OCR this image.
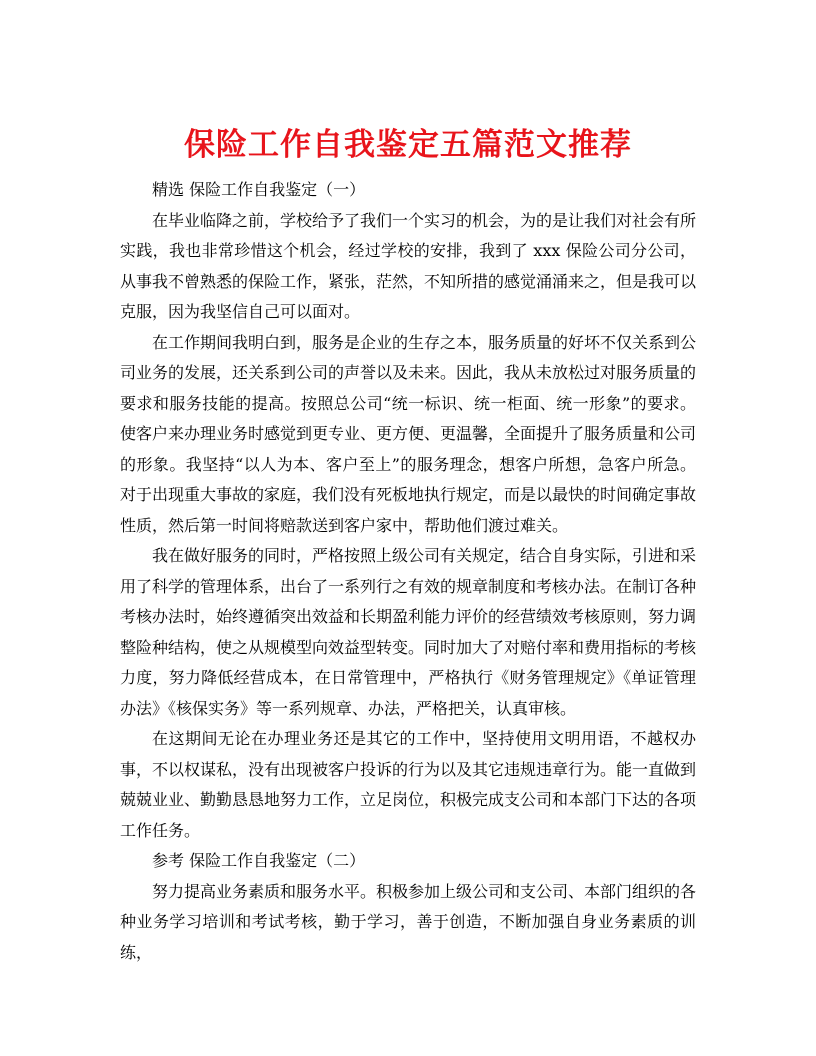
保险工作自我鉴定五篇范文推荐

精选 保险工作自我鉴定（一）

在毕业临降之前，学校给予了我们一个实习的机会，为的是让我们对社会有所实践，我也非常珍惜这个机会，经过学校的安排，我到了 xxx 保险公司分公司，从事我不曾熟悉的保险工作，紧张，茫然，不知所措的感觉涌涌来之，但是我可以克服，因为我坚信自己可以面对。

在工作期间我明白到，服务是企业的生存之本，服务质量的好坏不仅关系到公司业务的发展，还关系到公司的声誉以及未来。因此，我从未放松过对服务质量的要求和服务技能的提高。按照总公司“统一标识、统一柜面、统一形象”的要求。使客户来办理业务时感觉到更专业、更方便、更温馨，全面提升了服务质量和公司的形象。我坚持“以人为本、客户至上”的服务理念，想客户所想，急客户所急。对于出现重大事故的家庭，我们没有死板地执行规定，而是以最快的时间确定事故性质，然后第一时间将赔款送到客户家中，帮助他们渡过难关。

我在做好服务的同时，严格按照上级公司有关规定，结合自身实际，引进和采用了科学的管理体系，出台了一系列行之有效的规章制度和考核办法。在制订各种考核办法时，始终遵循突出效益和长期盈利能力评价的经营绩效考核原则，努力调整险种结构，使之从规模型向效益型转变。同时加大了对赔付率和费用指标的考核力度，努力降低经营成本，在日常管理中，严格执行《财务管理规定》《单证管理办法》《核保实务》等一系列规章、办法，严格把关，认真审核。

在这期间无论在办理业务还是其它的工作中，坚持使用文明用语，不越权办事，不以权谋私，没有出现被客户投诉的行为以及其它违规违章行为。能一直做到兢兢业业、勤勤恳恳地努力工作，立足岗位，积极完成支公司和本部门下达的各项工作任务。

参考 保险工作自我鉴定（二）

努力提高业务素质和服务水平。积极参加上级公司和支公司、本部门组织的各种业务学习培训和考试考核，勤于学习，善于创造，不断加强自身业务素质的训练，
